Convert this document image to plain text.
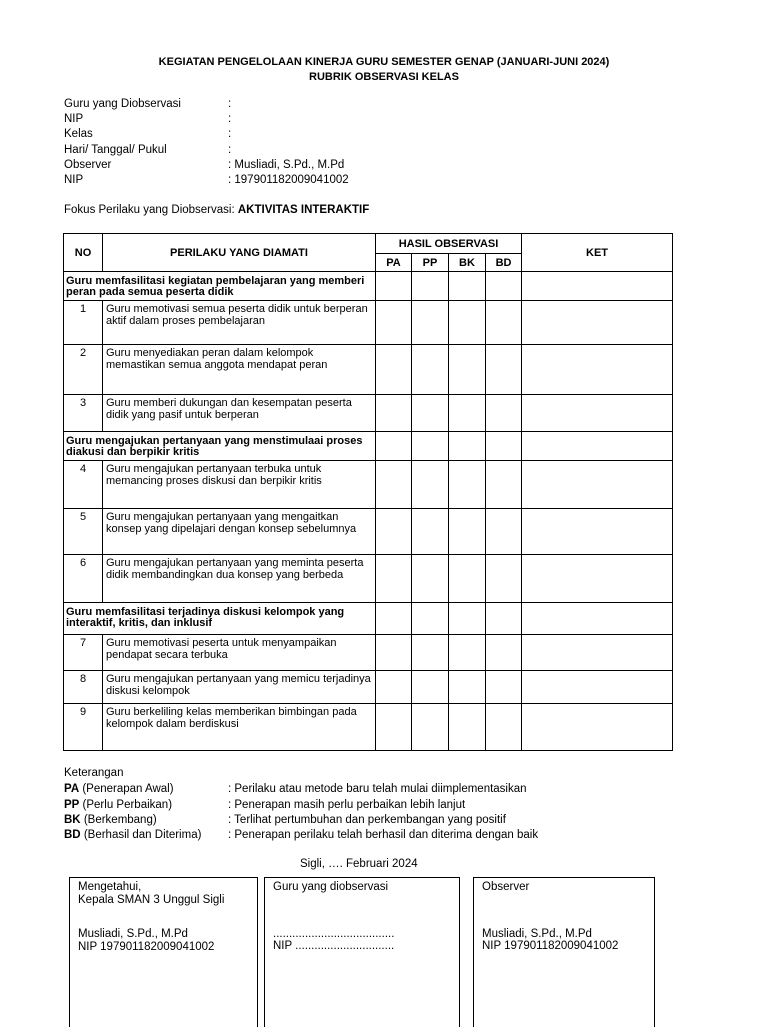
KEGIATAN PENGELOLAAN KINERJA GURU SEMESTER GENAP (JANUARI-JUNI 2024)
RUBRIK OBSERVASI KELAS
Guru yang Diobservasi	:
NIP	:
Kelas	:
Hari/ Tanggal/ Pukul	:
Observer	: Musliadi, S.Pd., M.Pd
NIP	: 197901182009041002
Fokus Perilaku yang Diobservasi: AKTIVITAS INTERAKTIF
NO	PERILAKU YANG DIAMATI	HASIL OBSERVASI				KET
		PA	PP	BK	BD	
Guru memfasilitasi kegiatan pembelajaran yang memberi peran pada semua peserta didik						
1	Guru memotivasi semua peserta didik untuk berperan aktif dalam proses pembelajaran					
2	Guru menyediakan peran dalam kelompok memastikan semua anggota mendapat peran					
3	Guru memberi dukungan dan kesempatan peserta didik yang pasif untuk berperan					
Guru mengajukan pertanyaan yang menstimulaai proses diakusi dan berpikir kritis						
4	Guru mengajukan pertanyaan terbuka untuk memancing proses diskusi dan berpikir kritis					
5	Guru mengajukan pertanyaan yang mengaitkan konsep yang dipelajari dengan konsep sebelumnya					
6	Guru mengajukan pertanyaan yang meminta peserta didik membandingkan dua konsep yang berbeda					
Guru memfasilitasi terjadinya diskusi kelompok yang interaktif, kritis, dan inklusif						
7	Guru memotivasi peserta untuk menyampaikan pendapat secara terbuka					
8	Guru mengajukan pertanyaan yang memicu terjadinya diskusi kelompok					
9	Guru berkeliling kelas memberikan bimbingan pada kelompok dalam berdiskusi					
Keterangan
PA (Penerapan Awal)	: Perilaku atau metode baru telah mulai diimplementasikan
PP (Perlu Perbaikan)	: Penerapan masih perlu perbaikan lebih lanjut
BK (Berkembang)	: Terlihat pertumbuhan dan perkembangan yang positif
BD (Berhasil dan Diterima) : Penerapan perilaku telah berhasil dan diterima dengan baik
Sigli, …. Februari 2024
Mengetahui,
Kepala SMAN 3 Unggul Sigli
Musliadi, S.Pd., M.Pd
NIP 197901182009041002
Guru yang diobservasi
......................................
NIP ...............................
Observer
Musliadi, S.Pd., M.Pd
NIP 197901182009041002
